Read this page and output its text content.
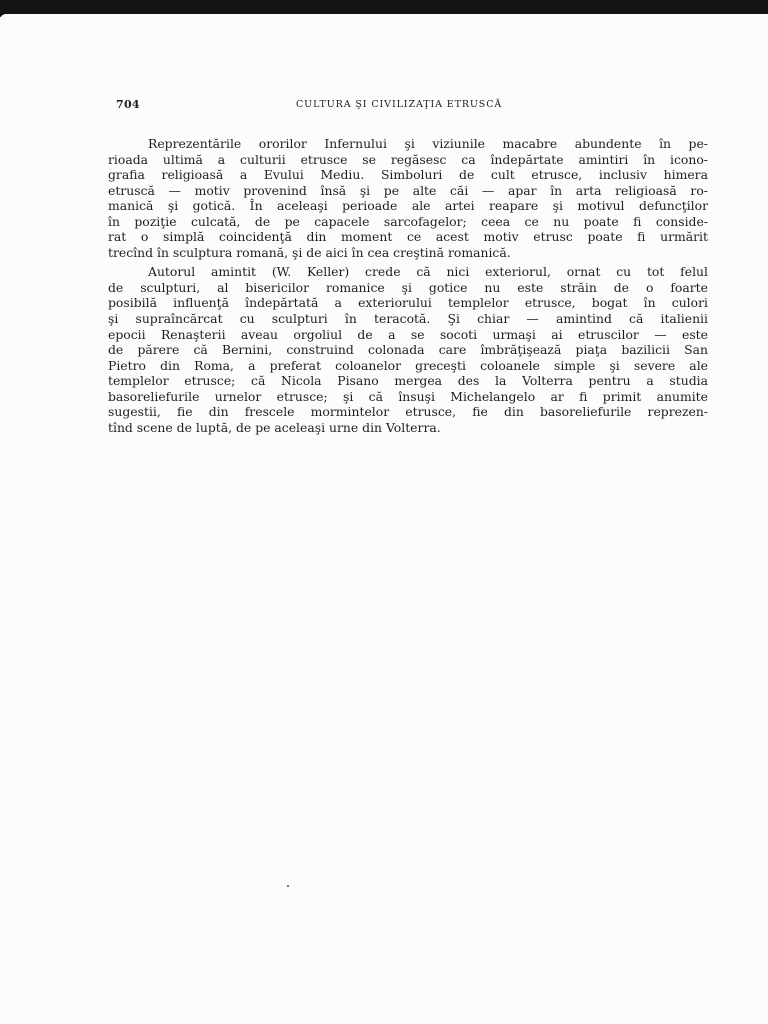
704	CULTURA ŞI CIVILIZAŢIA ETRUSCĂ

Reprezentările ororilor Infernului şi viziunile macabre abundente în pe-
rioada ultimă a culturii etrusce se regăsesc ca îndepărtate amintiri în icono-
grafia religioasă a Evului Mediu. Simboluri de cult etrusce, inclusiv himera
etruscă — motiv provenind însă şi pe alte căi — apar în arta religioasă ro-
manică şi gotică. În aceleaşi perioade ale artei reapare şi motivul defuncţilor
în poziţie culcată, de pe capacele sarcofagelor; ceea ce nu poate fi conside-
rat o simplă coincidenţă din moment ce acest motiv etrusc poate fi urmărit
trecînd în sculptura romană, şi de aici în cea creştină romanică.

Autorul amintit (W. Keller) crede că nici exteriorul, ornat cu tot felul
de sculpturi, al bisericilor romanice şi gotice nu este străin de o foarte
posibilă influenţă îndepărtată a exteriorului templelor etrusce, bogat în culori
şi supraîncărcat cu sculpturi în teracotă. Şi chiar — amintind că italienii
epocii Renaşterii aveau orgoliul de a se socoti urmaşi ai etruscilor — este
de părere că Bernini, construind colonada care îmbrăţişează piaţa bazilicii San
Pietro din Roma, a preferat coloanelor greceşti coloanele simple şi severe ale
templelor etrusce; că Nicola Pisano mergea des la Volterra pentru a studia
basoreliefurile urnelor etrusce; şi că însuşi Michelangelo ar fi primit anumite
sugestii, fie din frescele mormintelor etrusce, fie din basoreliefurile reprezen-
tînd scene de luptă, de pe aceleaşi urne din Volterra.
